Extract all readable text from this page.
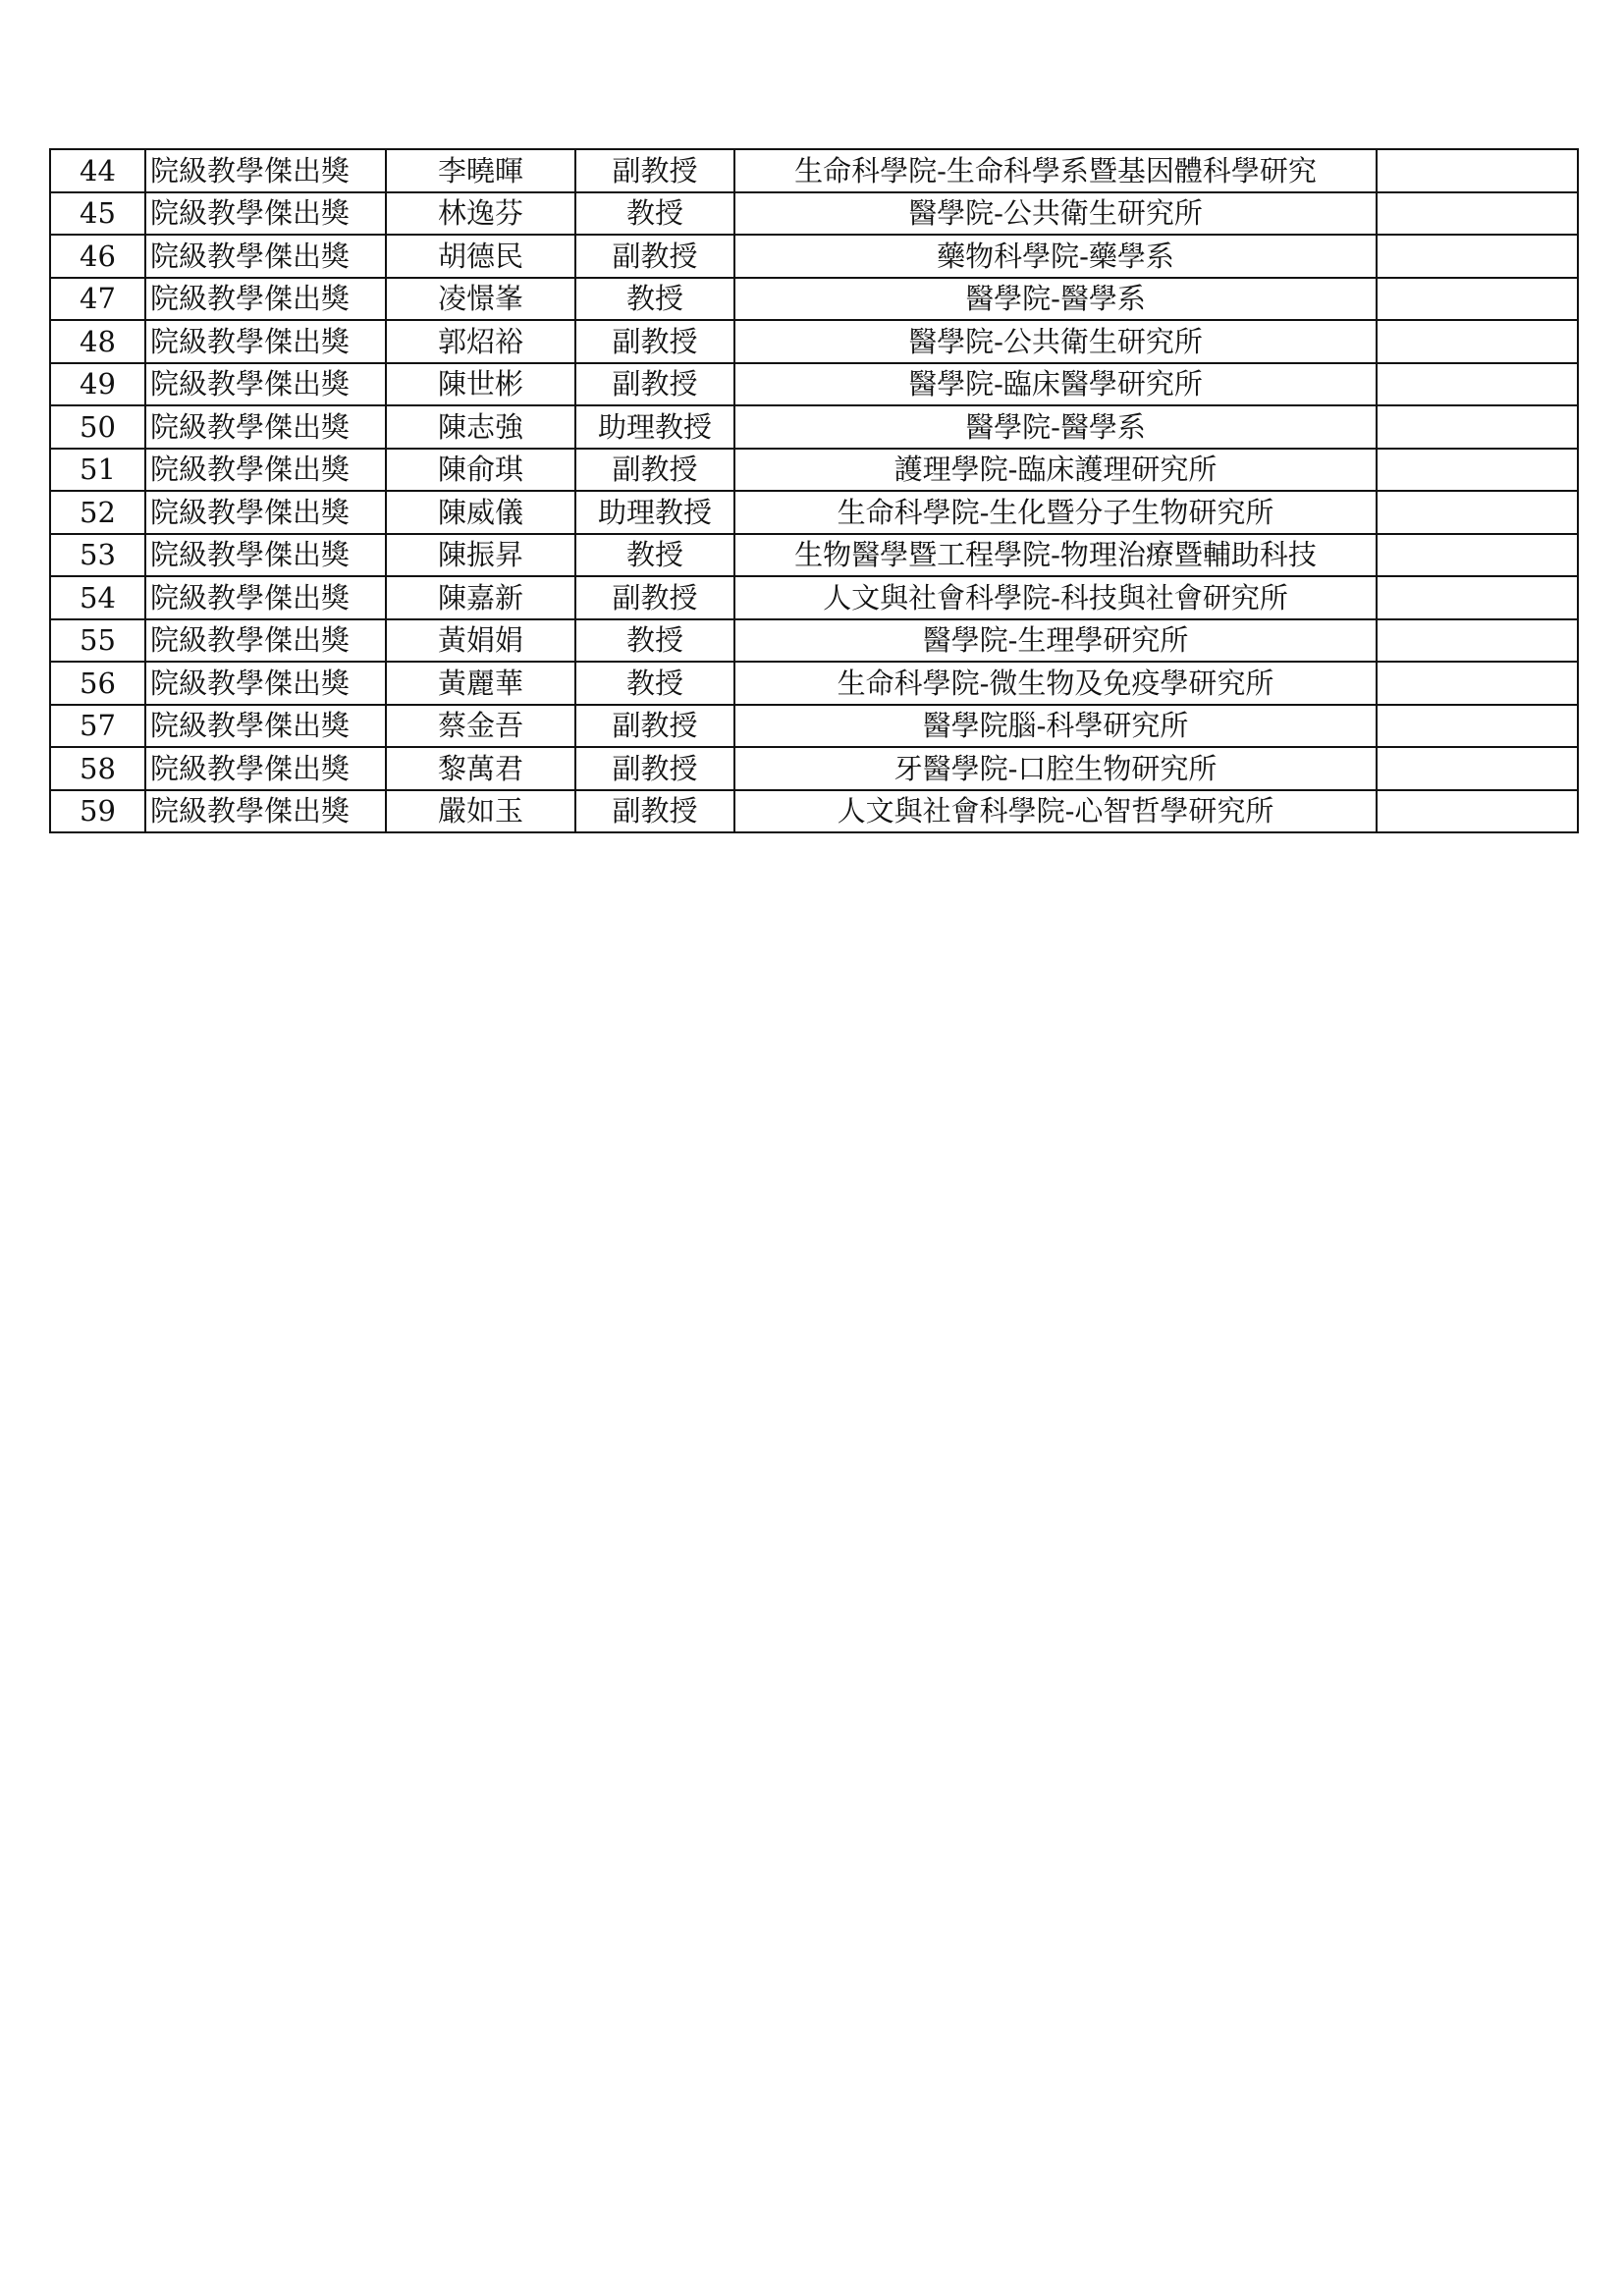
44	院級教學傑出獎	李曉暉	副教授	生命科學院-生命科學系暨基因體科學研究	
45	院級教學傑出獎	林逸芬	教授	醫學院-公共衛生研究所	
46	院級教學傑出獎	胡德民	副教授	藥物科學院-藥學系	
47	院級教學傑出獎	凌憬峯	教授	醫學院-醫學系	
48	院級教學傑出獎	郭炤裕	副教授	醫學院-公共衛生研究所	
49	院級教學傑出獎	陳世彬	副教授	醫學院-臨床醫學研究所	
50	院級教學傑出獎	陳志強	助理教授	醫學院-醫學系	
51	院級教學傑出獎	陳俞琪	副教授	護理學院-臨床護理研究所	
52	院級教學傑出獎	陳威儀	助理教授	生命科學院-生化暨分子生物研究所	
53	院級教學傑出獎	陳振昇	教授	生物醫學暨工程學院-物理治療暨輔助科技	
54	院級教學傑出獎	陳嘉新	副教授	人文與社會科學院-科技與社會研究所	
55	院級教學傑出獎	黃娟娟	教授	醫學院-生理學研究所	
56	院級教學傑出獎	黃麗華	教授	生命科學院-微生物及免疫學研究所	
57	院級教學傑出獎	蔡金吾	副教授	醫學院腦-科學研究所	
58	院級教學傑出獎	黎萬君	副教授	牙醫學院-口腔生物研究所	
59	院級教學傑出獎	嚴如玉	副教授	人文與社會科學院-心智哲學研究所	
